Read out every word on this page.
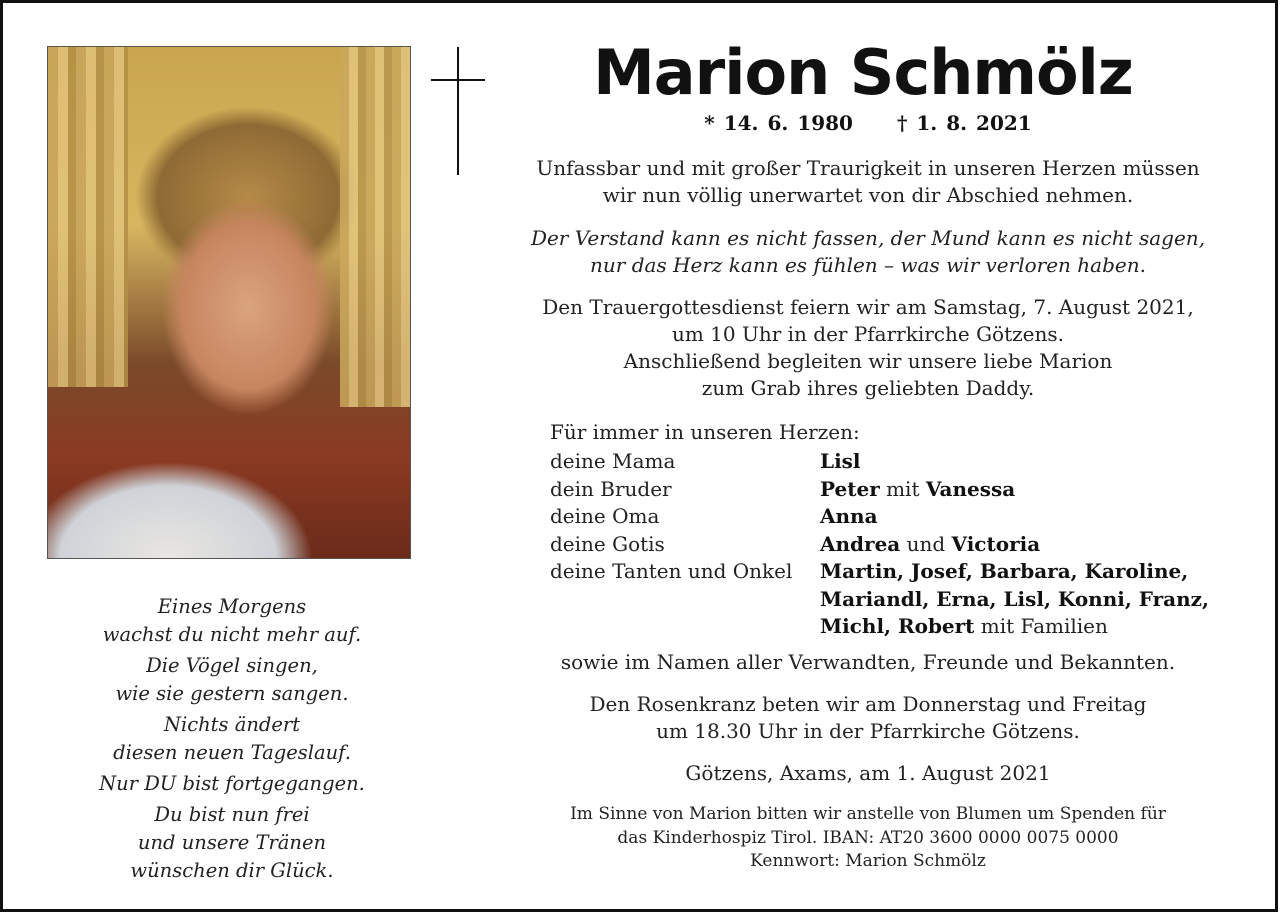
Marion Schmölz
* 14. 6. 1980 † 1. 8. 2021
Unfassbar und mit großer Traurigkeit in unseren Herzen müssen
wir nun völlig unerwartet von dir Abschied nehmen.
Der Verstand kann es nicht fassen, der Mund kann es nicht sagen,
nur das Herz kann es fühlen – was wir verloren haben.
Den Trauergottesdienst feiern wir am Samstag, 7. August 2021,
um 10 Uhr in der Pfarrkirche Götzens.
Anschließend begleiten wir unsere liebe Marion
zum Grab ihres geliebten Daddy.
Für immer in unseren Herzen:
deine Mama	Lisl
dein Bruder	Peter mit Vanessa
deine Oma	Anna
deine Gotis	Andrea und Victoria
deine Tanten und Onkel	Martin, Josef, Barbara, Karoline,
Mariandl, Erna, Lisl, Konni, Franz,
Michl, Robert mit Familien
sowie im Namen aller Verwandten, Freunde und Bekannten.
Den Rosenkranz beten wir am Donnerstag und Freitag
um 18.30 Uhr in der Pfarrkirche Götzens.
Götzens, Axams, am 1. August 2021
Im Sinne von Marion bitten wir anstelle von Blumen um Spenden für
das Kinderhospiz Tirol. IBAN: AT20 3600 0000 0075 0000
Kennwort: Marion Schmölz
Eines Morgens
wachst du nicht mehr auf.
Die Vögel singen,
wie sie gestern sangen.
Nichts ändert
diesen neuen Tageslauf.
Nur DU bist fortgegangen.
Du bist nun frei
und unsere Tränen
wünschen dir Glück.
